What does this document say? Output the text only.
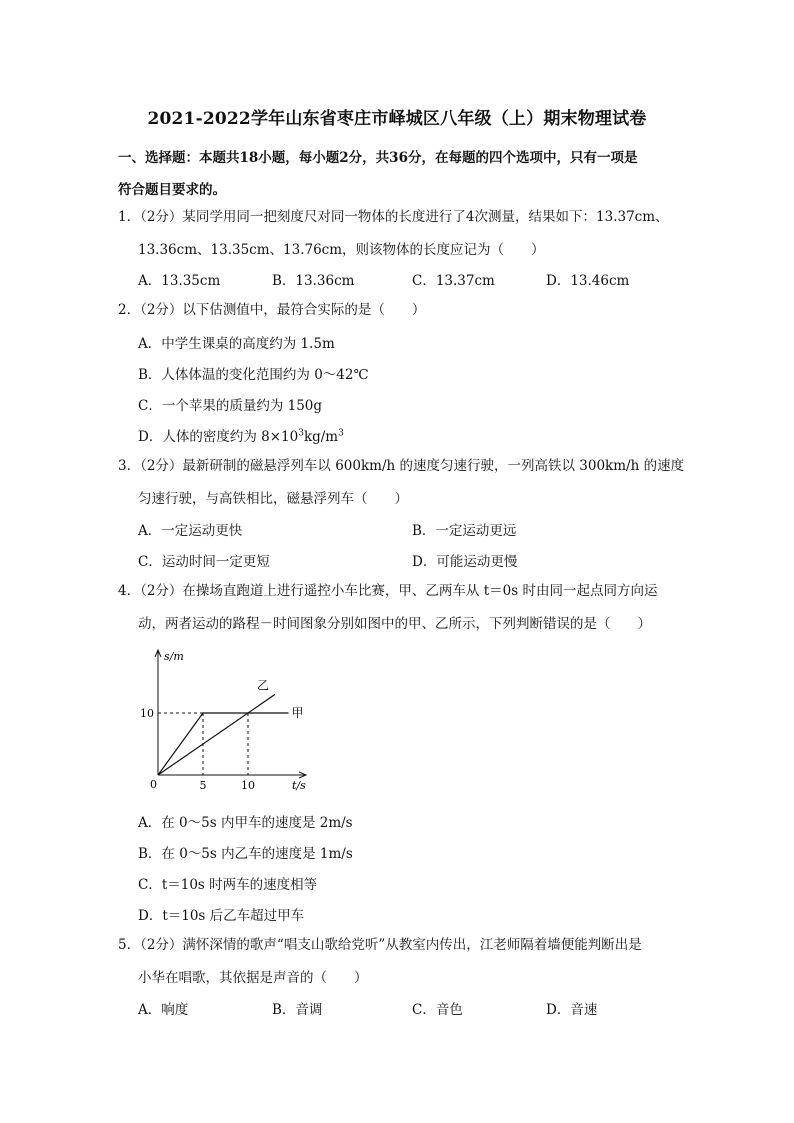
2021-2022学年山东省枣庄市峄城区八年级（上）期末物理试卷
一、选择题：本题共18小题，每小题2分，共36分，在每题的四个选项中，只有一项是
符合题目要求的。
1．（2分）某同学用同一把刻度尺对同一物体的长度进行了4次测量，结果如下：13.37cm、
13.36cm、13.35cm、13.76cm，则该物体的长度应记为（　　）
A．13.35cm	B．13.36cm	C．13.37cm	D．13.46cm
2．（2分）以下估测值中，最符合实际的是（　　）
A．中学生课桌的高度约为 1.5m
B．人体体温的变化范围约为 0～42℃
C．一个苹果的质量约为 150g
D．人体的密度约为 $8\times 10^3kg/m^3$
3．（2分）最新研制的磁悬浮列车以 600km/h 的速度匀速行驶，一列高铁以 300km/h 的速度
匀速行驶，与高铁相比，磁悬浮列车（　　）
A．一定运动更快	B．一定运动更远
C．运动时间一定更短	D．可能运动更慢
4．（2分）在操场直跑道上进行遥控小车比赛，甲、乙两车从 t＝0s 时由同一起点同方向运
动，两者运动的路程－时间图象分别如图中的甲、乙所示，下列判断错误的是（　　）
s/m
t/s
0	5	10
10	甲
乙
A．在 0～5s 内甲车的速度是 2m/s
B．在 0～5s 内乙车的速度是 1m/s
C．t＝10s 时两车的速度相等
D．t＝10s 后乙车超过甲车
5．（2分）满怀深情的歌声“唱支山歌给党听”从教室内传出，江老师隔着墙便能判断出是
小华在唱歌，其依据是声音的（　　）
A．响度	B．音调	C．音色	D．音速
